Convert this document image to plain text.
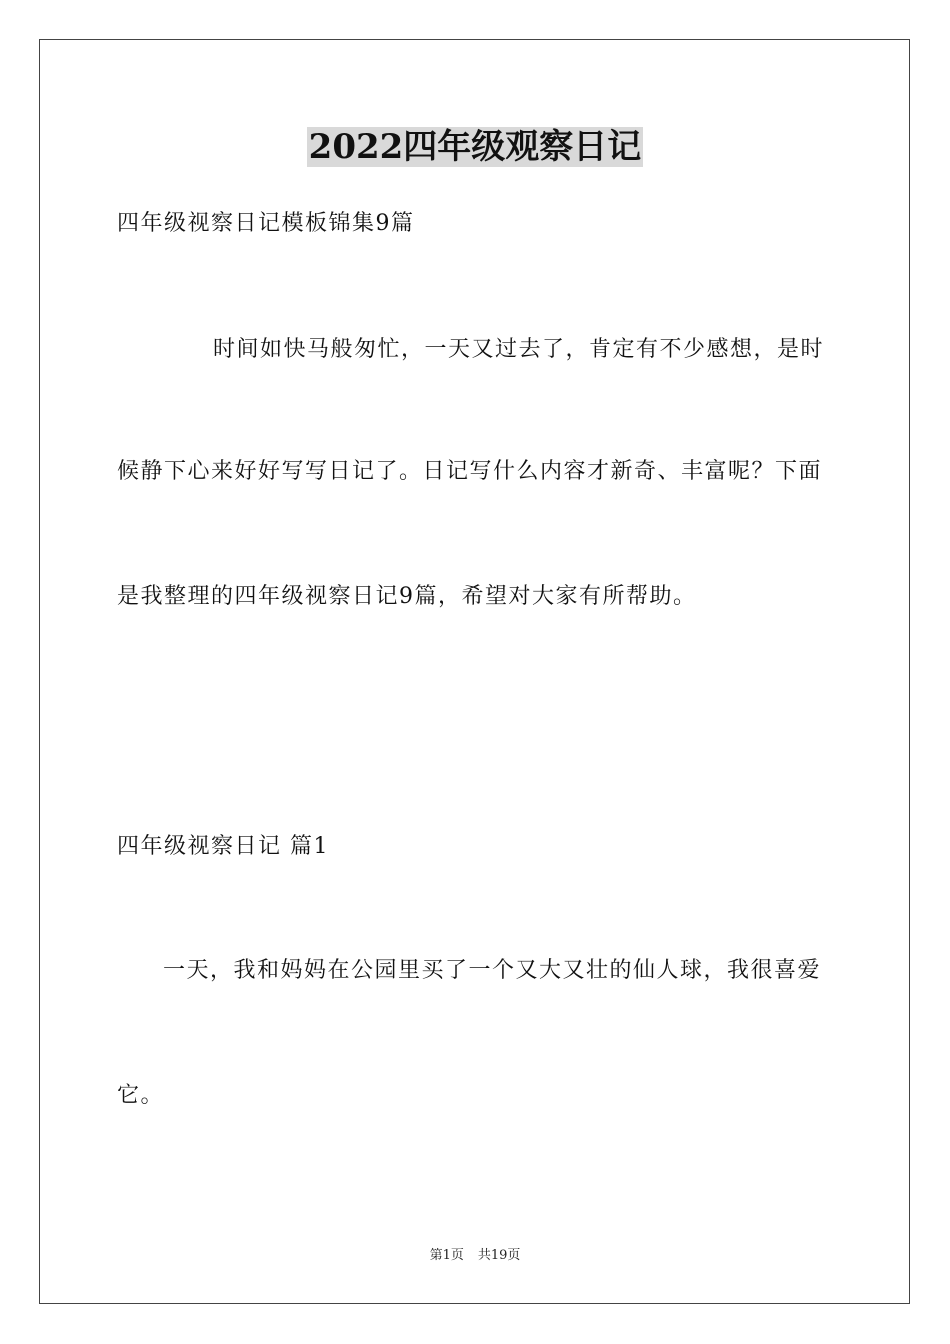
2022四年级观察日记
四年级视察日记模板锦集9篇
时间如快马般匆忙，一天又过去了，肯定有不少感想，是时
候静下心来好好写写日记了。日记写什么内容才新奇、丰富呢？下面
是我整理的四年级视察日记9篇，希望对大家有所帮助。
四年级视察日记 篇1
一天，我和妈妈在公园里买了一个又大又壮的仙人球，我很喜爱
它。
第1页 共19页
